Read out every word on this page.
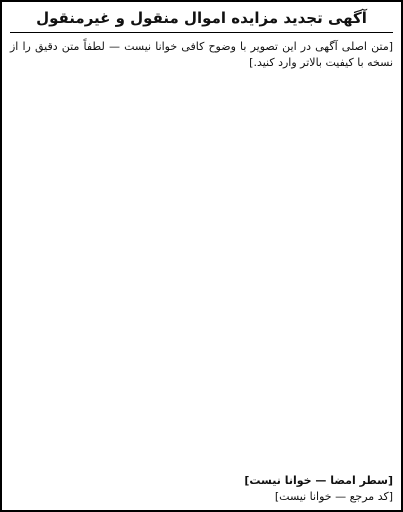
آگهی تجدید مزایده اموال منقول و غیرمنقول
[متن اصلی آگهی در این تصویر با وضوح کافی خوانا نیست — لطفاً متن دقیق را از نسخه با کیفیت بالاتر وارد کنید.]
[سطر امضا — خوانا نیست]
[کد مرجع — خوانا نیست]
